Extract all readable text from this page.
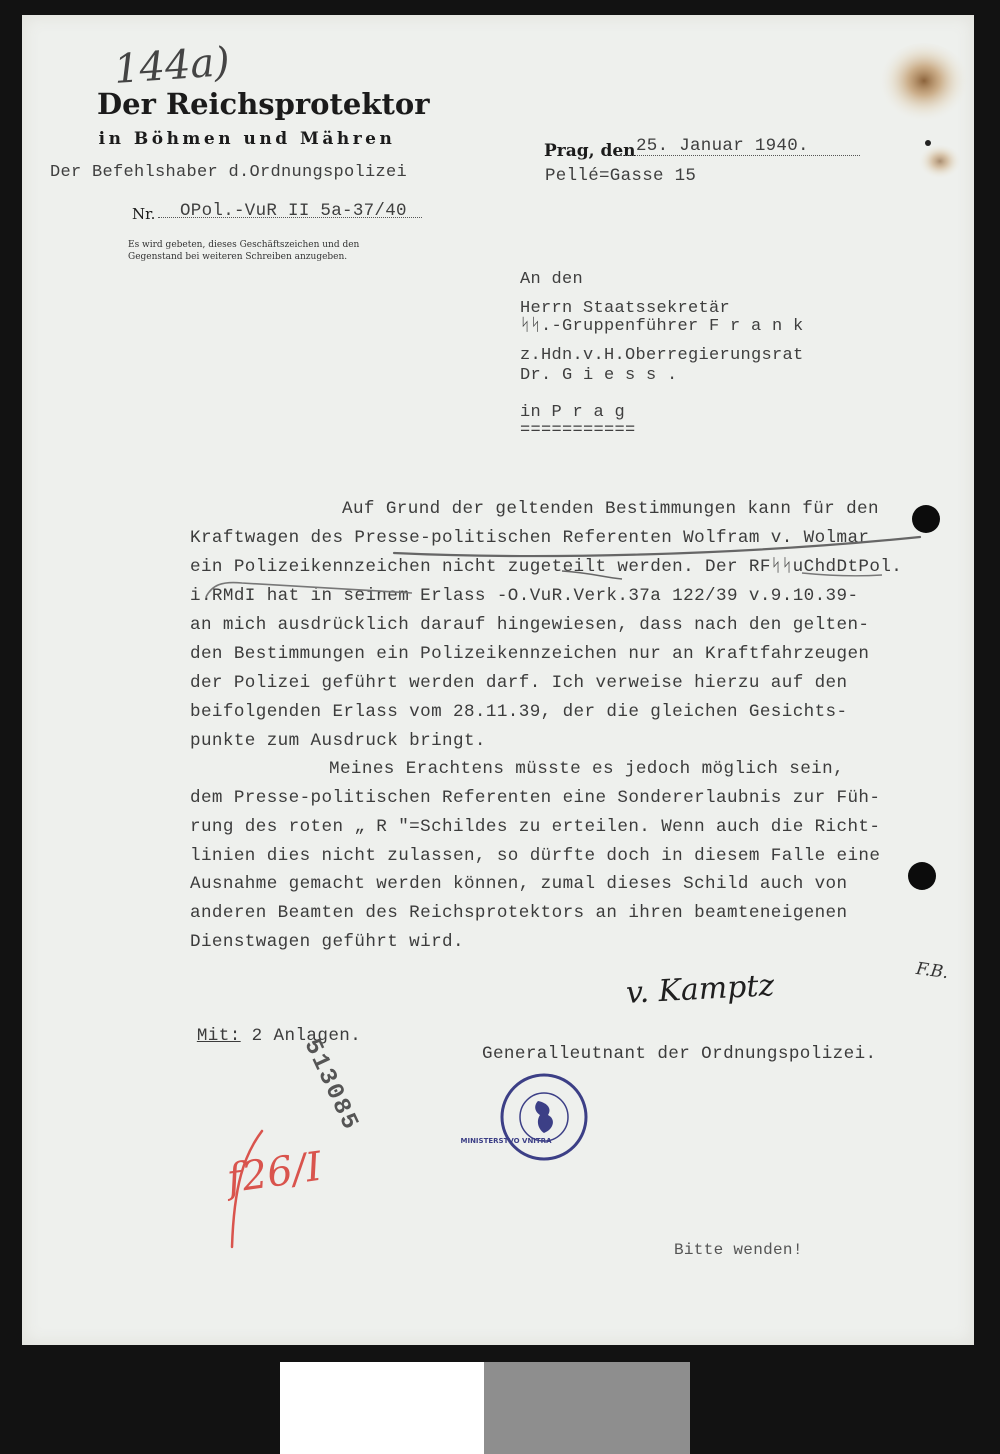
144a)
Der Reichsprotektor
in Böhmen und Mähren
Der Befehlshaber d.Ordnungspolizei
Nr. OPol.-VuR II 5a-37/40
Es wird gebeten, dieses Geschäftszeichen und den
Gegenstand bei weiteren Schreiben anzugeben.
Prag, den 25. Januar 1940.
Pellé=Gasse 15
An den
Herrn Staatssekretär
ᛋᛋ.-Gruppenführer F r a n k
z.Hdn.v.H.Oberregierungsrat
Dr. G i e s s .
in P r a g
===========
Auf Grund der geltenden Bestimmungen kann für den
Kraftwagen des Presse-politischen Referenten Wolfram v. Wolmar
ein Polizeikennzeichen nicht zugeteilt werden. Der RFᛋᛋuChdDtPol.
i.RMdI hat in seinem Erlass -O.VuR.Verk.37a 122/39 v.9.10.39-
an mich ausdrücklich darauf hingewiesen, dass nach den gelten-
den Bestimmungen ein Polizeikennzeichen nur an Kraftfahrzeugen
der Polizei geführt werden darf. Ich verweise hierzu auf den
beifolgenden Erlass vom 28.11.39, der die gleichen Gesichts-
punkte zum Ausdruck bringt.
Meines Erachtens müsste es jedoch möglich sein,
dem Presse-politischen Referenten eine Sondererlaubnis zur Füh-
rung des roten „ R "=Schildes zu erteilen. Wenn auch die Richt-
linien dies nicht zulassen, so dürfte doch in diesem Falle eine
Ausnahme gemacht werden können, zumal dieses Schild auch von
anderen Beamten des Reichsprotektors an ihren beamteneigenen
Dienstwagen geführt wird.
v. Kamptz	F.B.

Mit: 2 Anlagen.

Generalleutnant der Ordnungspolizei.
513085

MINISTERSTVO VNITRA

f26/I
Bitte wenden!
